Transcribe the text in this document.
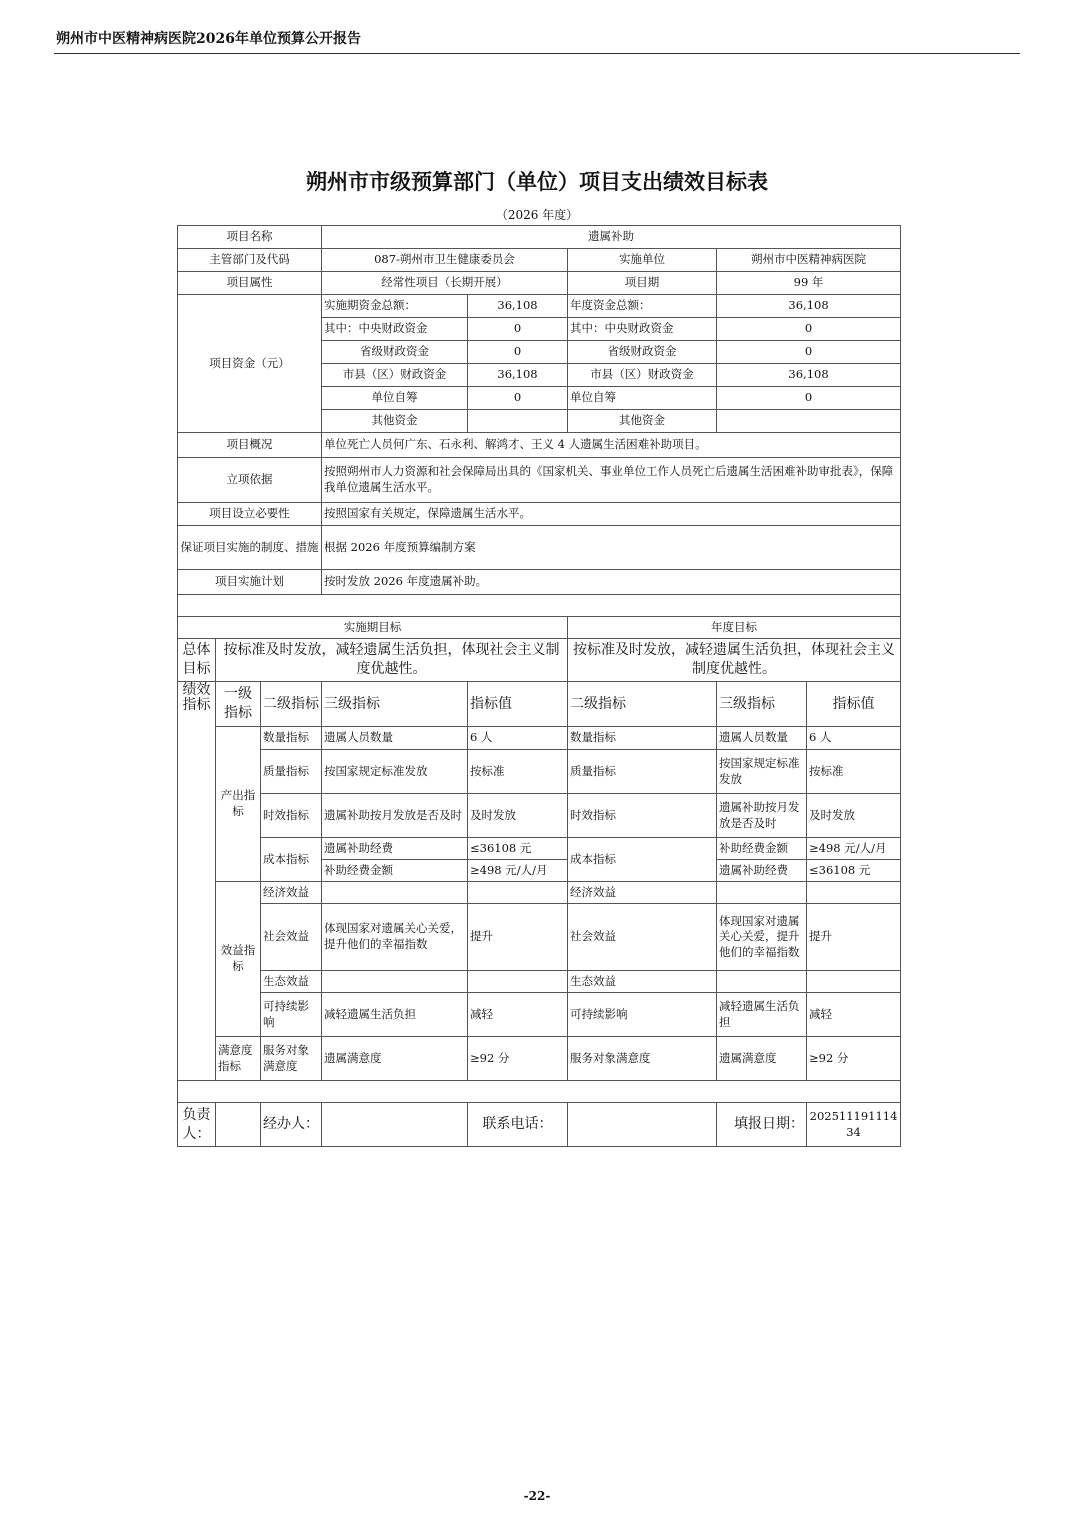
朔州市中医精神病医院2026年单位预算公开报告
朔州市市级预算部门（单位）项目支出绩效目标表
（2026 年度）
项目名称			遗属补助				
主管部门及代码			087-朔州市卫生健康委员会		实施单位	朔州市中医精神病医院	
项目属性			经常性项目（长期开展）		项目期	99 年	
项目资金（元）			实施期资金总额：	36,108	年度资金总额：	36,108	
			其中：中央财政资金	0	其中：中央财政资金	0	
			省级财政资金	0	省级财政资金	0	
			市县（区）财政资金	36,108	市县（区）财政资金	36,108	
			单位自筹	0	单位自筹	0	
			其他资金		其他资金		
项目概况			单位死亡人员何广东、石永利、解鸿才、王义 4 人遗属生活困难补助项目。				
立项依据			按照朔州市人力资源和社会保障局出具的《国家机关、事业单位工作人员死亡后遗属生活困难补助审批表》，保障我单位遗属生活水平。				
项目设立必要性			按照国家有关规定，保障遗属生活水平。				
保证项目实施的制度、措施			根据 2026 年度预算编制方案				
项目实施计划			按时发放 2026 年度遗属补助。				

实施期目标					年度目标		
总体目标	按标准及时发放，减轻遗属生活负担，体现社会主义制度优越性。				按标准及时发放，减轻遗属生活负担，体现社会主义制度优越性。		
绩效指标	一级指标	二级指标	三级指标	指标值	二级指标	三级指标	指标值
	产出指标	数量指标	遗属人员数量	6 人	数量指标	遗属人员数量	6 人
		质量指标	按国家规定标准发放	按标准	质量指标	按国家规定标准发放	按标准
		时效指标	遗属补助按月发放是否及时	及时发放	时效指标	遗属补助按月发放是否及时	及时发放
		成本指标	遗属补助经费	≤36108 元	成本指标	补助经费金额	≥498 元/人/月
			补助经费金额	≥498 元/人/月		遗属补助经费	≤36108 元
	效益指标	经济效益			经济效益		
		社会效益	体现国家对遗属关心关爱，提升他们的幸福指数	提升	社会效益	体现国家对遗属关心关爱，提升他们的幸福指数	提升
		生态效益			生态效益		
		可持续影响	减轻遗属生活负担	减轻	可持续影响	减轻遗属生活负担	减轻
	满意度指标	服务对象满意度	遗属满意度	≥92 分	服务对象满意度	遗属满意度	≥92 分

负责人：		经办人：		联系电话：		填报日期：	20251119111434
-22-
